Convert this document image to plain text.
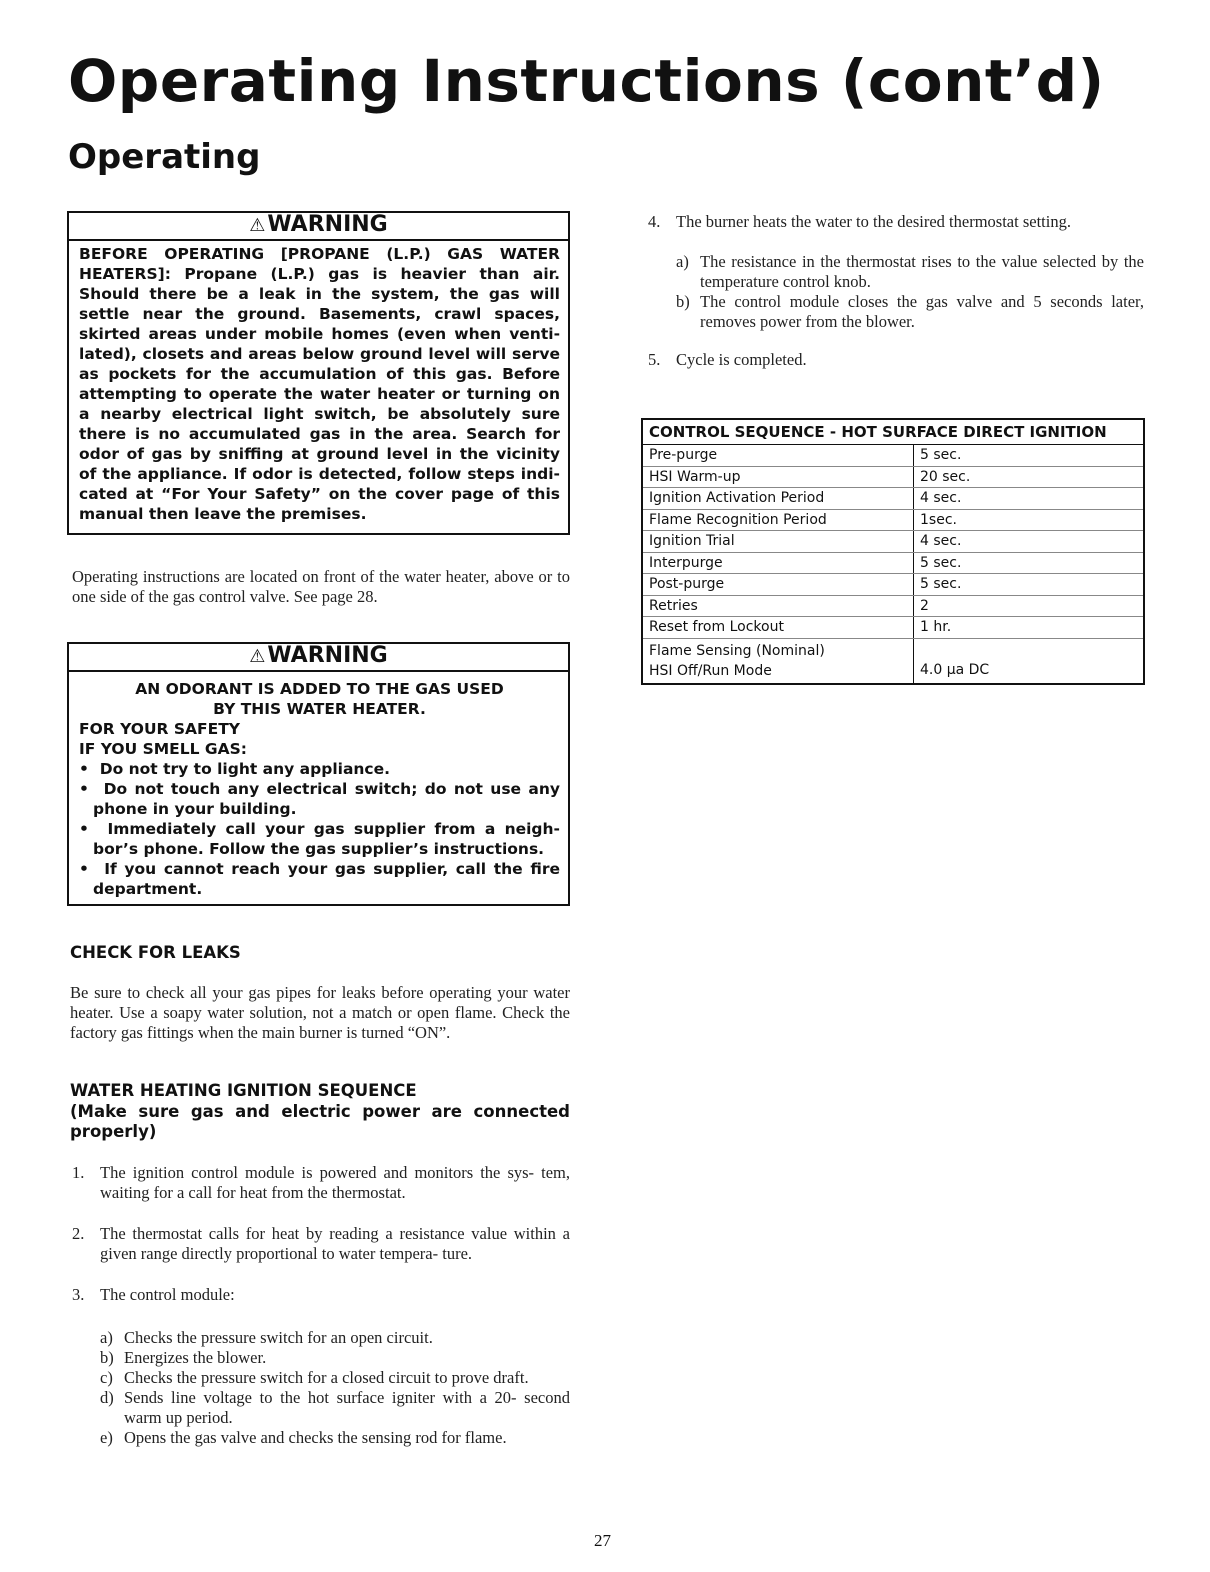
Operating Instructions (cont’d)
Operating
⚠WARNING
BEFORE OPERATING [PROPANE (L.P.) GAS WATER HEATERS]: Propane (L.P.) gas is heavier than air. Should there be a leak in the system, the gas will settle near the ground. Basements, crawl spaces, skirted areas under mobile homes (even when venti- lated), closets and areas below ground level will serve as pockets for the accumulation of this gas. Before attempting to operate the water heater or turning on a nearby electrical light switch, be absolutely sure there is no accumulated gas in the area. Search for odor of gas by sniffing at ground level in the vicinity of the appliance. If odor is detected, follow steps indi- cated at “For Your Safety” on the cover page of this manual then leave the premises.

Operating instructions are located on front of the water heater, above or to one side of the gas control valve. See page 28.

⚠WARNING
AN ODORANT IS ADDED TO THE GAS USED
BY THIS WATER HEATER.
FOR YOUR SAFETY
IF YOU SMELL GAS:
•  Do not try to light any appliance.
•  Do not touch any electrical switch; do not use any phone in your building.
•  Immediately call your gas supplier from a neigh- bor’s phone. Follow the gas supplier’s instructions.
•  If you cannot reach your gas supplier, call the fire department.
CHECK FOR LEAKS

Be sure to check all your gas pipes for leaks before operating your water heater. Use a soapy water solution, not a match or open flame. Check the factory gas fittings when the main burner is turned “ON”.

WATER HEATING IGNITION SEQUENCE

(Make sure gas and electric power are connected properly)

1. The ignition control module is powered and monitors the sys- tem, waiting for a call for heat from the thermostat.
2. The thermostat calls for heat by reading a resistance value within a given range directly proportional to water tempera- ture.
3. The control module:
a) Checks the pressure switch for an open circuit.
b) Energizes the blower.
c) Checks the pressure switch for a closed circuit to prove draft.
d) Sends line voltage to the hot surface igniter with a 20- second warm up period.
e) Opens the gas valve and checks the sensing rod for flame.
4. The burner heats the water to the desired thermostat setting.
a) The resistance in the thermostat rises to the value selected by the temperature control knob.
b) The control module closes the gas valve and 5 seconds later, removes power from the blower.
5. Cycle is completed.
CONTROL SEQUENCE - HOT SURFACE DIRECT IGNITION	
Pre-purge	5 sec.
HSI Warm-up	20 sec.
Ignition Activation Period	4 sec.
Flame Recognition Period	1sec.
Ignition Trial	4 sec.
Interpurge	5 sec.
Post-purge	5 sec.
Retries	2
Reset from Lockout	1 hr.

Flame Sensing (Nominal)
HSI Off/Run Mode	4.0 µa DC
27
